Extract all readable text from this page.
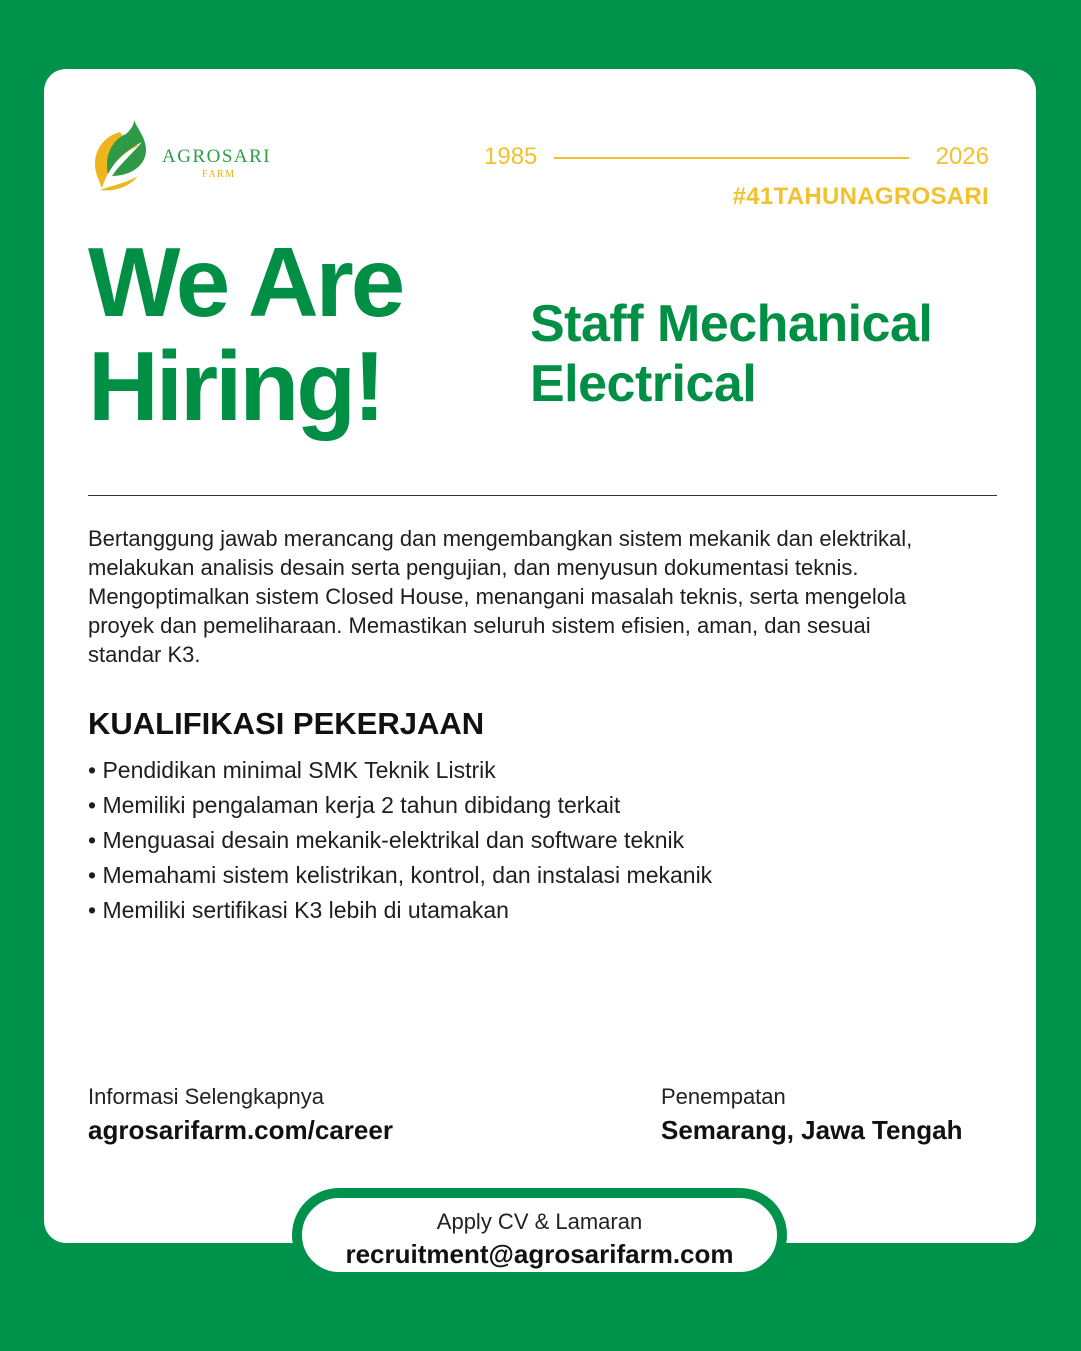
AGROSARI
FARM
1985	2026
#41TAHUNAGROSARI
We Are
Hiring!
Staff Mechanical
Electrical

Bertanggung jawab merancang dan mengembangkan sistem mekanik dan elektrikal, melakukan analisis desain serta pengujian, dan menyusun dokumentasi teknis. Mengoptimalkan sistem Closed House, menangani masalah teknis, serta mengelola proyek dan pemeliharaan. Memastikan seluruh sistem efisien, aman, dan sesuai standar K3.

KUALIFIKASI PEKERJAAN
• Pendidikan minimal SMK Teknik Listrik
• Memiliki pengalaman kerja 2 tahun dibidang terkait
• Menguasai desain mekanik-elektrikal dan software teknik
• Memahami sistem kelistrikan, kontrol, dan instalasi mekanik
• Memiliki sertifikasi K3 lebih di utamakan
Informasi Selengkapnya
agrosarifarm.com/career
Penempatan
Semarang, Jawa Tengah
Apply CV & Lamaran
recruitment@agrosarifarm.com
